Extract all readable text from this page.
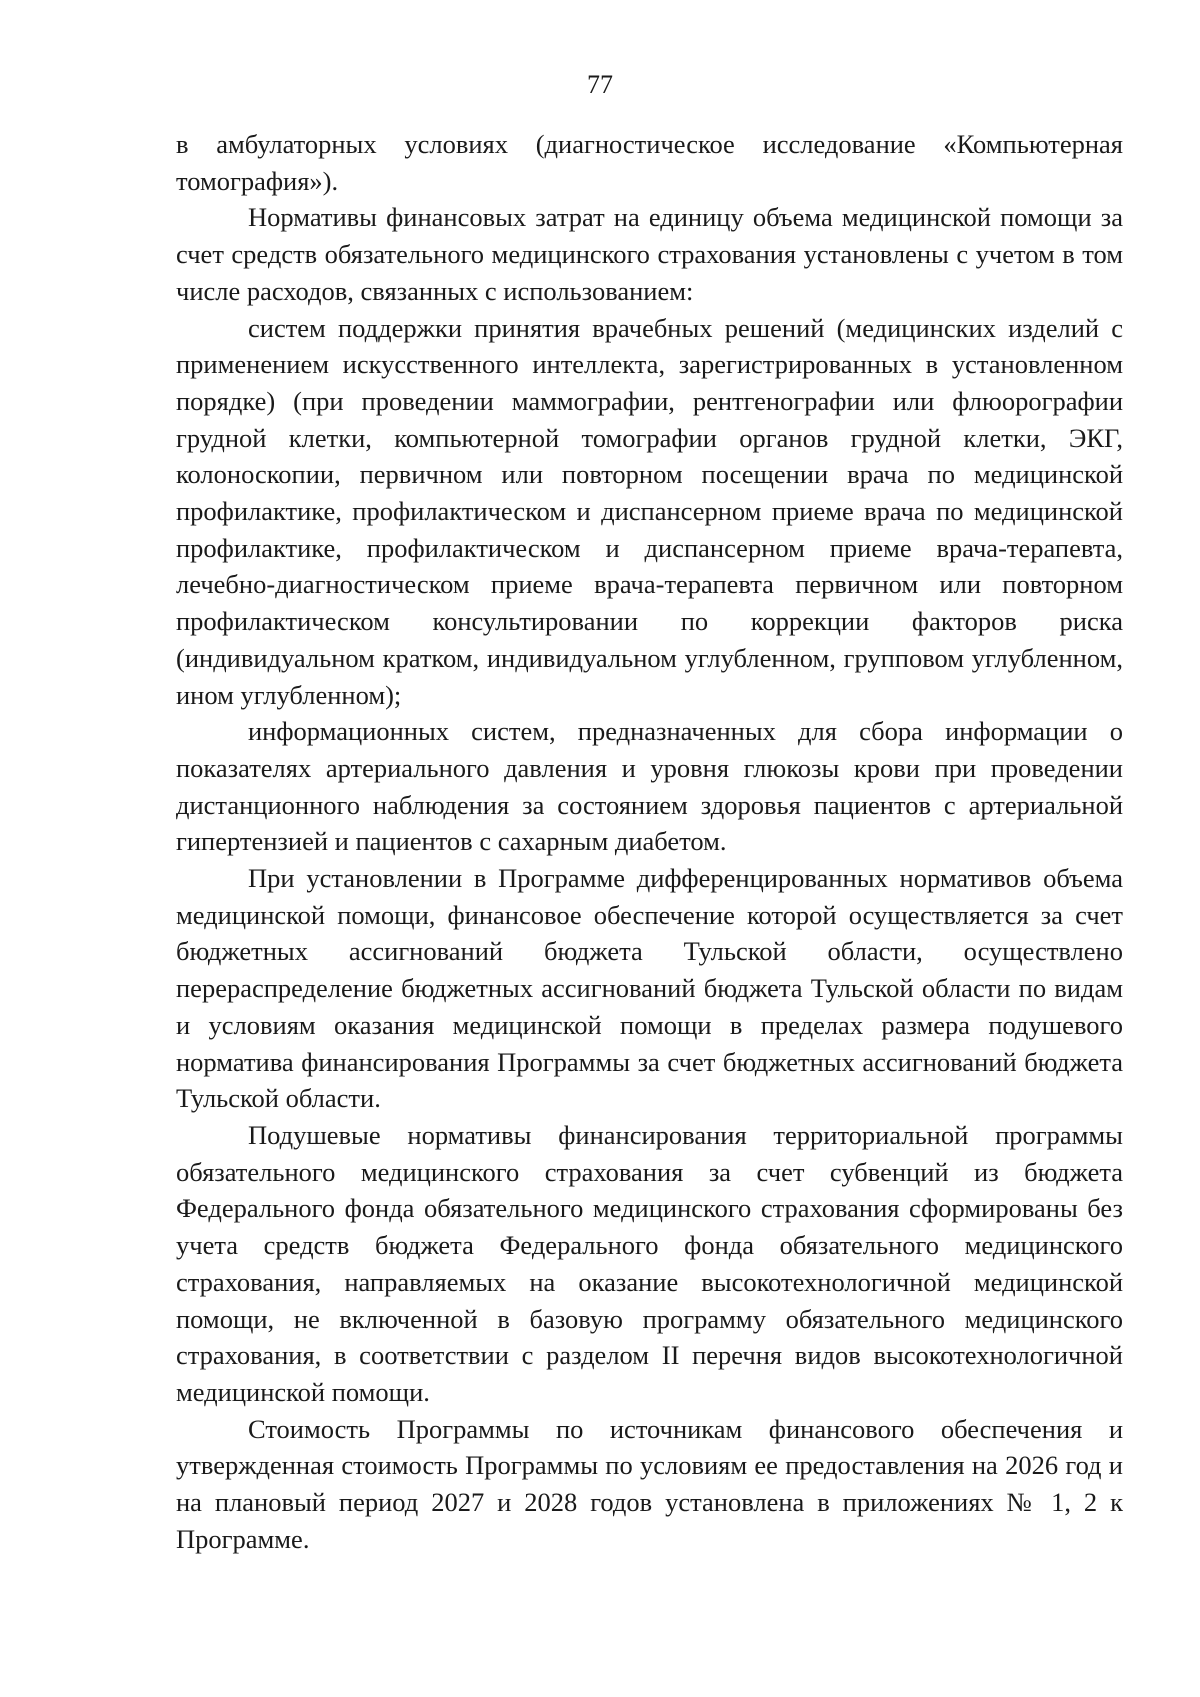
77

в амбулаторных условиях (диагностическое исследование «Компьютерная томография»).

Нормативы финансовых затрат на единицу объема медицинской помощи за счет средств обязательного медицинского страхования установлены с учетом в том числе расходов, связанных с использованием:

систем поддержки принятия врачебных решений (медицинских изделий с применением искусственного интеллекта, зарегистрированных в установленном порядке) (при проведении маммографии, рентгенографии или флюорографии грудной клетки, компьютерной томографии органов грудной клетки, ЭКГ, колоноскопии, первичном или повторном посещении врача по медицинской профилактике, профилактическом и диспансерном приеме врача по медицинской профилактике, профилактическом и диспансерном приеме врача-терапевта, лечебно-диагностическом приеме врача-терапевта первичном или повторном профилактическом консультировании по коррекции факторов риска (индивидуальном кратком, индивидуальном углубленном, групповом углубленном, ином углубленном);

информационных систем, предназначенных для сбора информации о показателях артериального давления и уровня глюкозы крови при проведении дистанционного наблюдения за состоянием здоровья пациентов с артериальной гипертензией и пациентов с сахарным диабетом.

При установлении в Программе дифференцированных нормативов объема медицинской помощи, финансовое обеспечение которой осуществляется за счет бюджетных ассигнований бюджета Тульской области, осуществлено перераспределение бюджетных ассигнований бюджета Тульской области по видам и условиям оказания медицинской помощи в пределах размера подушевого норматива финансирования Программы за счет бюджетных ассигнований бюджета Тульской области.

Подушевые нормативы финансирования территориальной программы обязательного медицинского страхования за счет субвенций из бюджета Федерального фонда обязательного медицинского страхования сформированы без учета средств бюджета Федерального фонда обязательного медицинского страхования, направляемых на оказание высокотехнологичной медицинской помощи, не включенной в базовую программу обязательного медицинского страхования, в соответствии с разделом II перечня видов высокотехнологичной медицинской помощи.

Стоимость Программы по источникам финансового обеспечения и утвержденная стоимость Программы по условиям ее предоставления на 2026 год и на плановый период 2027 и 2028 годов установлена в приложениях № 1, 2 к Программе.
